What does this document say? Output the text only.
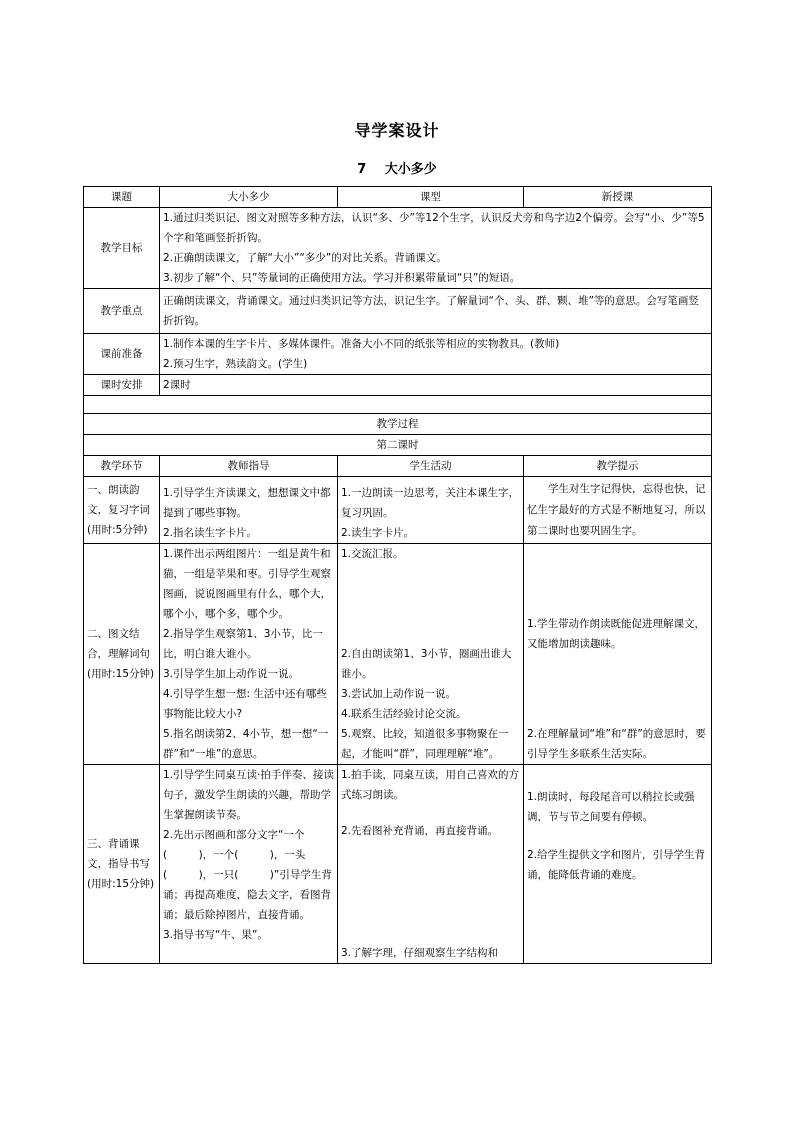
导学案设计
7 大小多少
课题	大小多少	课型	新授课
教学目标	1.通过归类识记、图文对照等多种方法，认识“多、少”等12个生字，认识反犬旁和鸟字边2个偏旁。会写“小、少”等5个字和笔画竖折折钩。
2.正确朗读课文，了解“大小”“多少”的对比关系。背诵课文。
3.初步了解“个、只”等量词的正确使用方法。学习并积累带量词“只”的短语。		

教学重点	正确朗读课文，背诵课文。通过归类识记等方法，识记生字。了解量词“个、头、群、颗、堆”等的意思。会写笔画竖折折钩。		
课前准备	1.制作本课的生字卡片、多媒体课件。准备大小不同的纸张等相应的实物教具。(教师)
2.预习生字，熟读韵文。(学生)		

课时安排	2课时		

教学过程			
第二课时			
教学环节	教师指导	学生活动	教学提示
一、朗读韵文，复习字词(用时:5分钟)	1.引导学生齐读课文，想想课文中都提到了哪些事物。
2.指名读生字卡片。	1.一边朗读一边思考，关注本课生字，复习巩固。
2.读生字卡片。	学生对生字记得快，忘得也快，记忆生字最好的方式是不断地复习，所以第二课时也要巩固生字。
二、图文结合，理解词句(用时:15分钟)	1.课件出示两组图片：一组是黄牛和猫，一组是苹果和枣。引导学生观察图画，说说图画里有什么，哪个大，哪个小，哪个多，哪个少。
2.指导学生观察第1、3小节，比一比，明白谁大谁小。
3.引导学生加上动作说一说。
4.引导学生想一想: 生活中还有哪些事物能比较大小?
5.指名朗读第2、4小节，想一想“一群”和“一堆”的意思。	1.交流汇报。
2.自由朗读第1、3小节，圈画出谁大谁小。
3.尝试加上动作说一说。
4.联系生活经验讨论交流。
5.观察、比较，知道很多事物聚在一起，才能叫“群”，同理理解“堆”。	1.学生带动作朗读既能促进理解课文，又能增加朗读趣味。
2.在理解量词“堆”和“群”的意思时，要引导学生多联系生活实际。

三、背诵课文，指导书写(用时:15分钟)	1.引导学生同桌互读·拍手伴奏、接读句子，激发学生朗读的兴趣，帮助学生掌握朗读节奏。
2.先出示图画和部分文字“一个(　　　)，一个(　　　)，一头(　　　)，一只(　　　)”引导学生背诵；再提高难度，隐去文字，看图背诵；最后除掉图片，直接背诵。
3.指导书写“牛、果”。	1.拍手读，同桌互读，用自己喜欢的方式练习朗读。
2.先看图补充背诵，再直接背诵。
3.了解字理，仔细观察生字结构和	1.朗读时，每段尾音可以稍拉长或强调，节与节之间要有停顿。
2.给学生提供文字和图片，引导学生背诵，能降低背诵的难度。
